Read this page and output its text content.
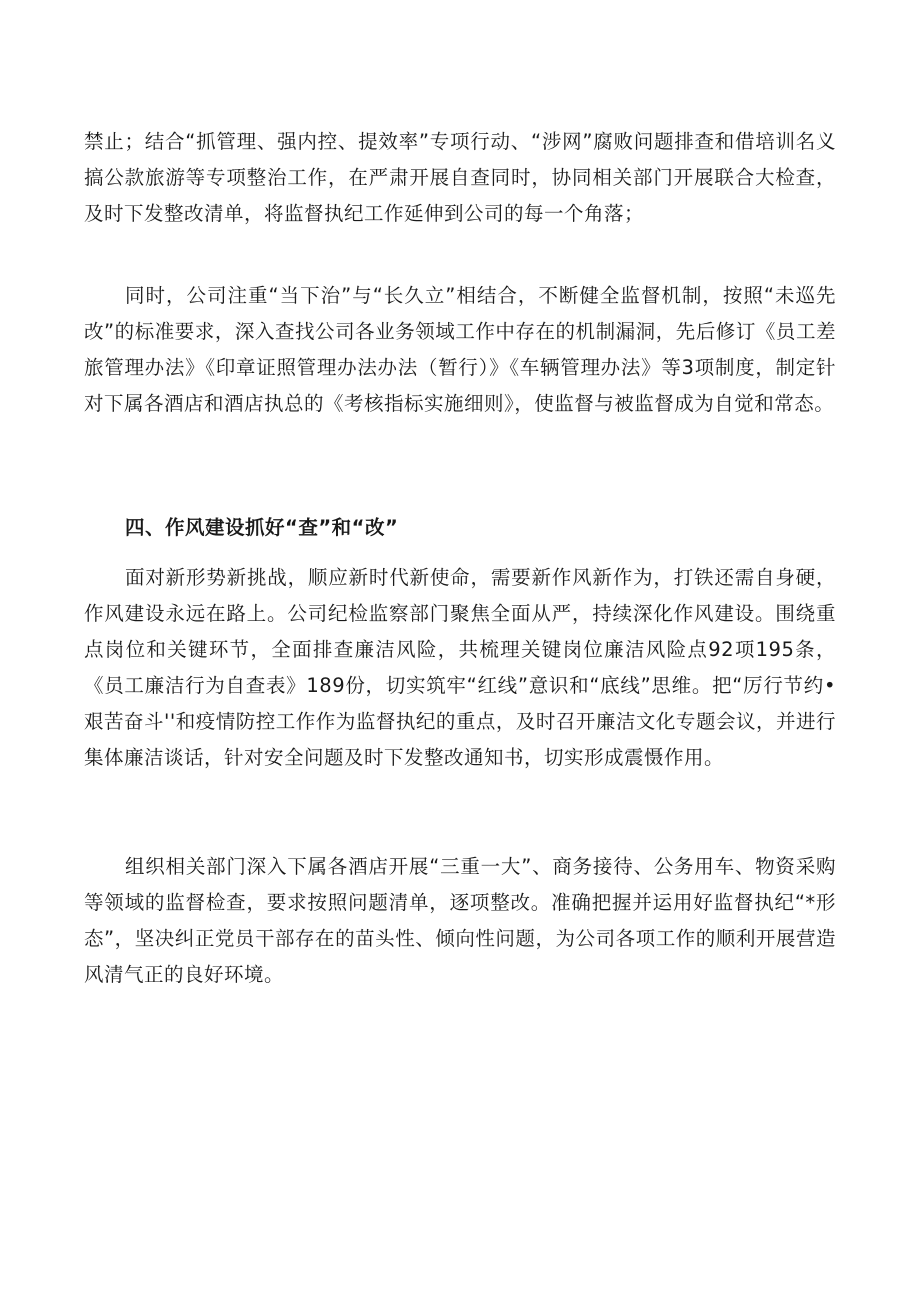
禁止；结合“抓管理、强内控、提效率”专项行动、“涉网”腐败问题排查和借培训名义搞公款旅游等专项整治工作，在严肃开展自查同时，协同相关部门开展联合大检查，及时下发整改清单，将监督执纪工作延伸到公司的每一个角落；

同时，公司注重“当下治”与“长久立”相结合，不断健全监督机制，按照“未巡先改”的标准要求，深入查找公司各业务领域工作中存在的机制漏洞，先后修订《员工差旅管理办法》《印章证照管理办法办法（暂行）》《车辆管理办法》等3项制度，制定针对下属各酒店和酒店执总的《考核指标实施细则》，使监督与被监督成为自觉和常态。

四、作风建设抓好“查”和“改”

面对新形势新挑战，顺应新时代新使命，需要新作风新作为，打铁还需自身硬，作风建设永远在路上。公司纪检监察部门聚焦全面从严，持续深化作风建设。围绕重点岗位和关键环节，全面排查廉洁风险，共梳理关键岗位廉洁风险点92项195条，《员工廉洁行为自查表》189份，切实筑牢“红线”意识和“底线”思维。把“厉行节约•艰苦奋斗''和疫情防控工作作为监督执纪的重点，及时召开廉洁文化专题会议，并进行集体廉洁谈话，针对安全问题及时下发整改通知书，切实形成震慑作用。

组织相关部门深入下属各酒店开展“三重一大”、商务接待、公务用车、物资采购等领域的监督检查，要求按照问题清单，逐项整改。准确把握并运用好监督执纪“*形态”，坚决纠正党员干部存在的苗头性、倾向性问题，为公司各项工作的顺利开展营造风清气正的良好环境。
